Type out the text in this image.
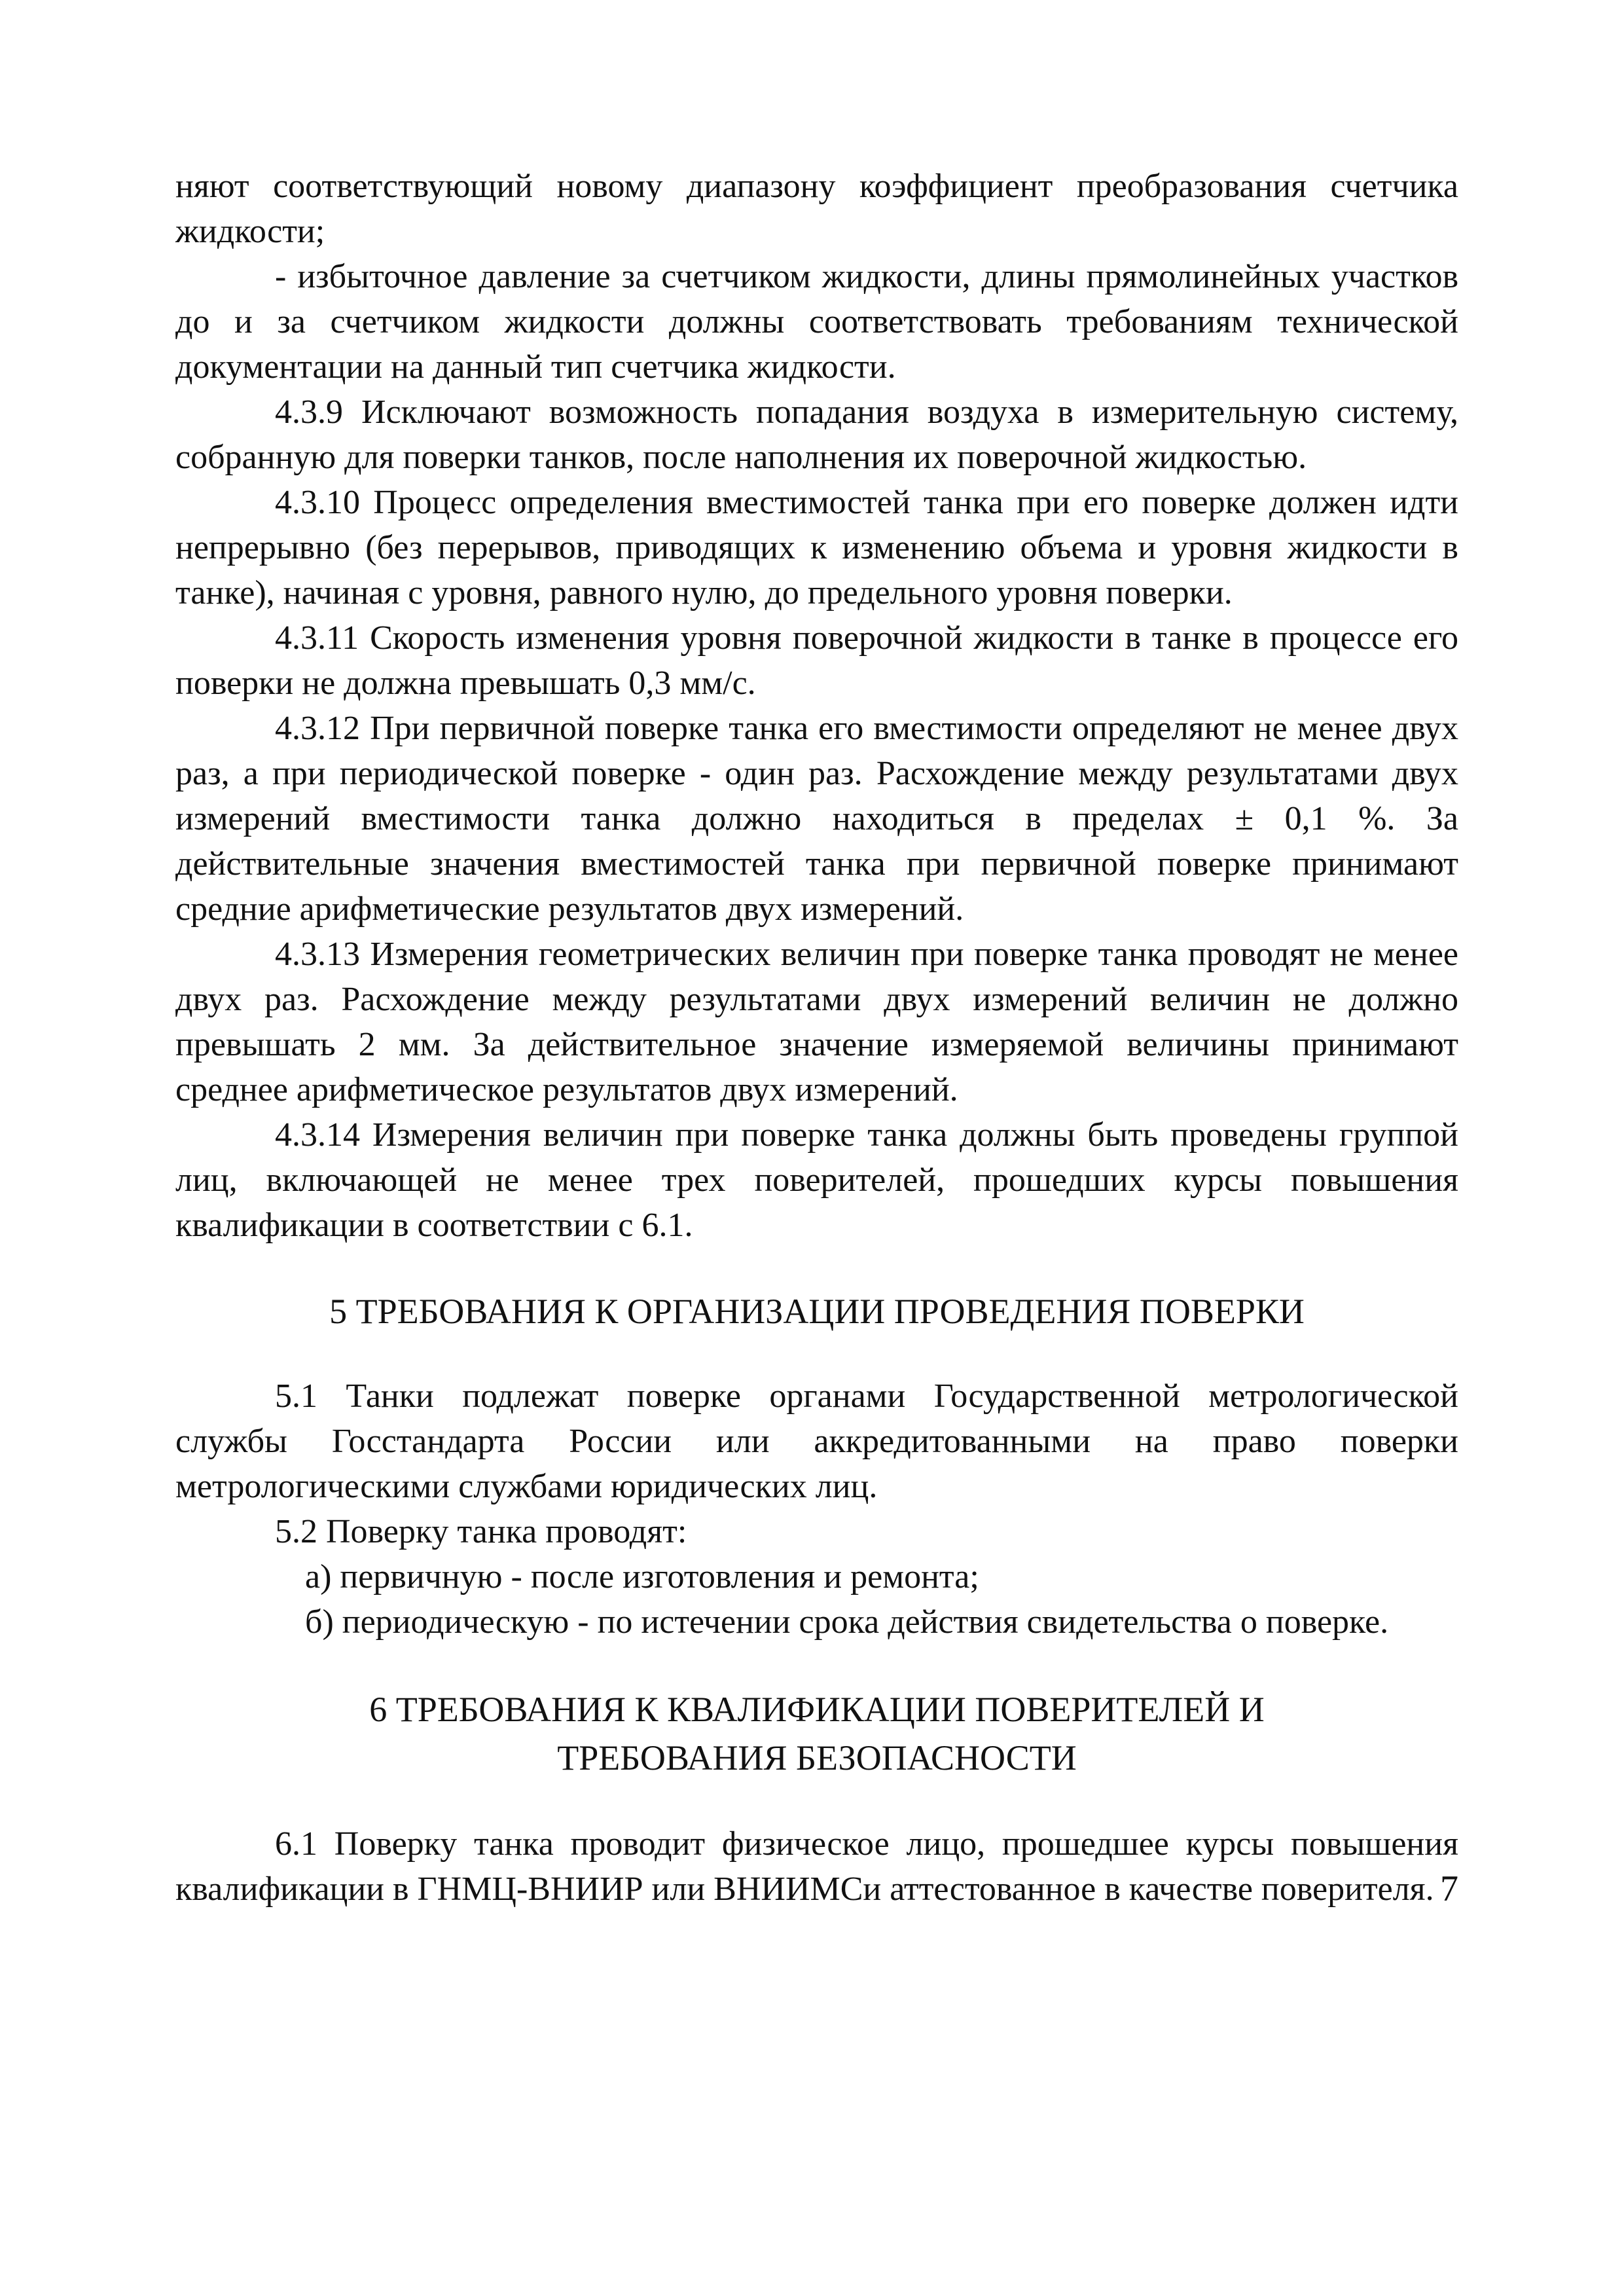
няют соответствующий новому диапазону коэффициент преобразования счетчика жидкости;

- избыточное давление за счетчиком жидкости, длины прямолинейных участков до и за счетчиком жидкости должны соответствовать требованиям технической документации на данный тип счетчика жидкости.

4.3.9 Исключают возможность попадания воздуха в измерительную систему, собранную для поверки танков, после наполнения их поверочной жидкостью.

4.3.10 Процесс определения вместимостей танка при его поверке должен идти непрерывно (без перерывов, приводящих к изменению объема и уровня жидкости в танке), начиная с уровня, равного нулю, до предельного уровня поверки.

4.3.11 Скорость изменения уровня поверочной жидкости в танке в процессе его поверки не должна превышать 0,3 мм/с.

4.3.12 При первичной поверке танка его вместимости определяют не менее двух раз, а при периодической поверке - один раз. Расхождение между результатами двух измерений вместимости танка должно находиться в пределах ± 0,1 %. За действительные значения вместимостей танка при первичной поверке принимают средние арифметические результатов двух измерений.

4.3.13 Измерения геометрических величин при поверке танка проводят не менее двух раз. Расхождение между результатами двух измерений величин не должно превышать 2 мм. За действительное значение измеряемой величины принимают среднее арифметическое результатов двух измерений.

4.3.14 Измерения величин при поверке танка должны быть проведены группой лиц, включающей не менее трех поверителей, прошедших курсы повышения квалификации в соответствии с 6.1.

5 ТРЕБОВАНИЯ К ОРГАНИЗАЦИИ ПРОВЕДЕНИЯ ПОВЕРКИ

5.1 Танки подлежат поверке органами Государственной метрологической службы Госстандарта России или аккредитованными на право поверки метрологическими службами юридических лиц.

5.2 Поверку танка проводят:

а) первичную - после изготовления и ремонта;

б) периодическую - по истечении срока действия свидетельства о поверке.

6 ТРЕБОВАНИЯ К КВАЛИФИКАЦИИ ПОВЕРИТЕЛЕЙ И
ТРЕБОВАНИЯ БЕЗОПАСНОСТИ

6.1 Поверку танка проводит физическое лицо, прошедшее курсы повышения квалификации в ГНМЦ-ВНИИР или ВНИИМСи аттестованное в качестве поверителя. 7
